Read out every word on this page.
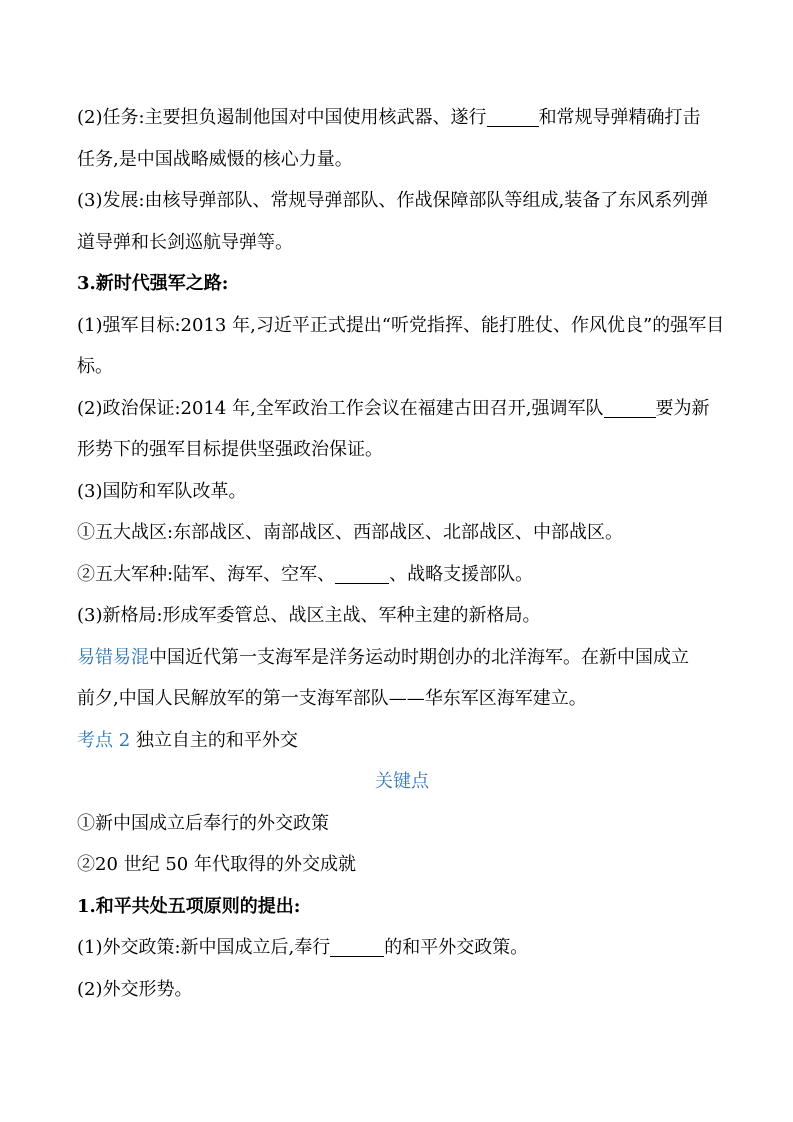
(2)任务:主要担负遏制他国对中国使用核武器、遂行	和常规导弹精确打击

任务,是中国战略威慑的核心力量。

(3)发展:由核导弹部队、常规导弹部队、作战保障部队等组成,装备了东风系列弹

道导弹和长剑巡航导弹等。

3.新时代强军之路:

(1)强军目标:2013 年,习近平正式提出“听党指挥、能打胜仗、作风优良”的强军目

标。

(2)政治保证:2014 年,全军政治工作会议在福建古田召开,强调军队	要为新

形势下的强军目标提供坚强政治保证。

(3)国防和军队改革。

①五大战区:东部战区、南部战区、西部战区、北部战区、中部战区。

②五大军种:陆军、海军、空军、	、战略支援部队。

(3)新格局:形成军委管总、战区主战、军种主建的新格局。

易错易混中国近代第一支海军是洋务运动时期创办的北洋海军。在新中国成立

前夕,中国人民解放军的第一支海军部队——华东军区海军建立。

考点 2 独立自主的和平外交

关键点

①新中国成立后奉行的外交政策

②20 世纪 50 年代取得的外交成就

1.和平共处五项原则的提出:

(1)外交政策:新中国成立后,奉行	的和平外交政策。

(2)外交形势。
